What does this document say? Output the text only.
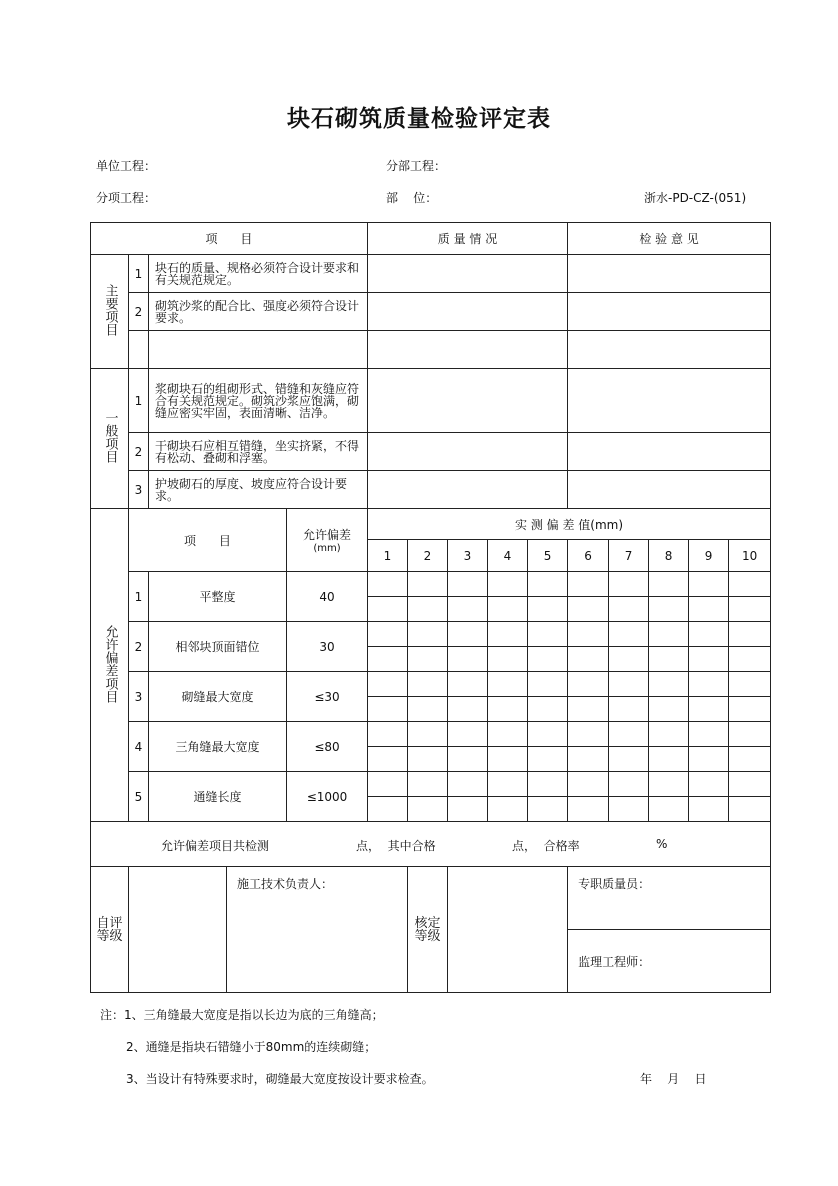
块石砌筑质量检验评定表
单位工程：	分部工程：
分项工程：	部    位：	浙水-PD-CZ-(051)
项      目					质 量 情 况					检 验 意 见				
主要项目	1	块石的质量、规格必须符合设计要求和有关规范规定。												
	2	砌筑沙浆的配合比、强度必须符合设计要求。												

一般项目	1	浆砌块石的组砌形式、错缝和灰缝应符合有关规范规定。砌筑沙浆应饱满，砌缝应密实牢固，表面清晰、洁净。												
	2	干砌块石应相互错缝，坐实挤紧，不得有松动、叠砌和浮塞。												
	3	护坡砌石的厚度、坡度应符合设计要求。												
允许偏差项目	项      目			允许偏差
(mm)	实 测 偏 差 值(mm)									
					1	2	3	4	5	6	7	8	9	10
	1	平整度		40										

	2	相邻块顶面错位		30										

	3	砌缝最大宽度		≤30										

	4	三角缝最大宽度		≤80										

	5	通缝长度		≤1000										

允许偏差项目共检测 点，  其中合格 点，  合格率 %														

自评等级			施工技术负责人：			核定等级				专职质量员：				
										监理工程师：				
注：1、三角缝最大宽度是指以长边为底的三角缝高；
2、通缝是指块石错缝小于80mm的连续砌缝；
3、当设计有特殊要求时，砌缝最大宽度按设计要求检查。	年    月    日
